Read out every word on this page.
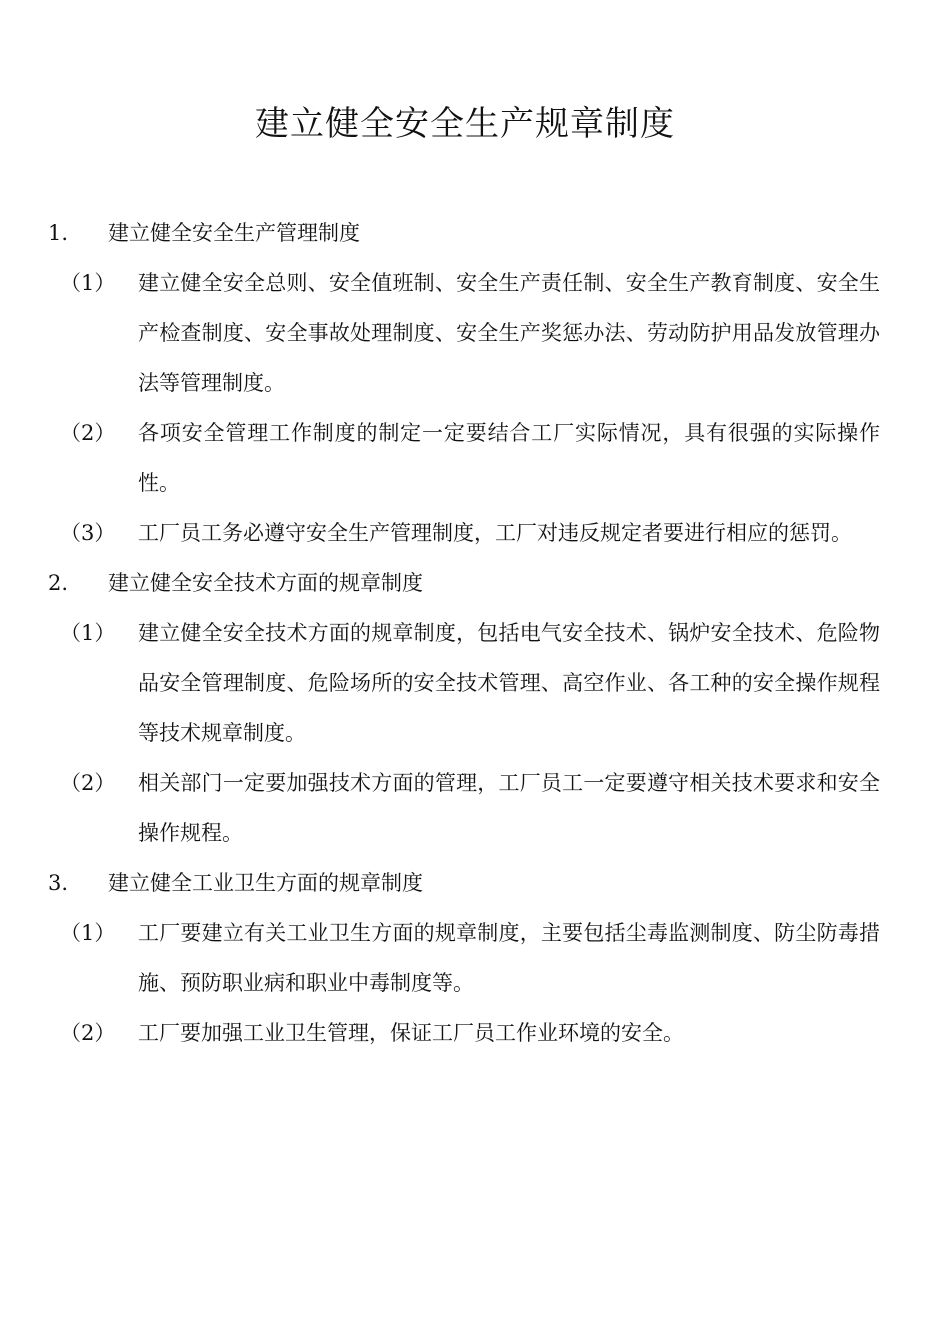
建立健全安全生产规章制度
1. 建立健全安全生产管理制度
（1） 建立健全安全总则、安全值班制、安全生产责任制、安全生产教育制度、安全生产检查制度、安全事故处理制度、安全生产奖惩办法、劳动防护用品发放管理办法等管理制度。
（2） 各项安全管理工作制度的制定一定要结合工厂实际情况，具有很强的实际操作性。
（3） 工厂员工务必遵守安全生产管理制度，工厂对违反规定者要进行相应的惩罚。
2. 建立健全安全技术方面的规章制度
（1） 建立健全安全技术方面的规章制度，包括电气安全技术、锅炉安全技术、危险物品安全管理制度、危险场所的安全技术管理、高空作业、各工种的安全操作规程等技术规章制度。
（2） 相关部门一定要加强技术方面的管理，工厂员工一定要遵守相关技术要求和安全操作规程。
3. 建立健全工业卫生方面的规章制度
（1） 工厂要建立有关工业卫生方面的规章制度，主要包括尘毒监测制度、防尘防毒措施、预防职业病和职业中毒制度等。
（2） 工厂要加强工业卫生管理，保证工厂员工作业环境的安全。
